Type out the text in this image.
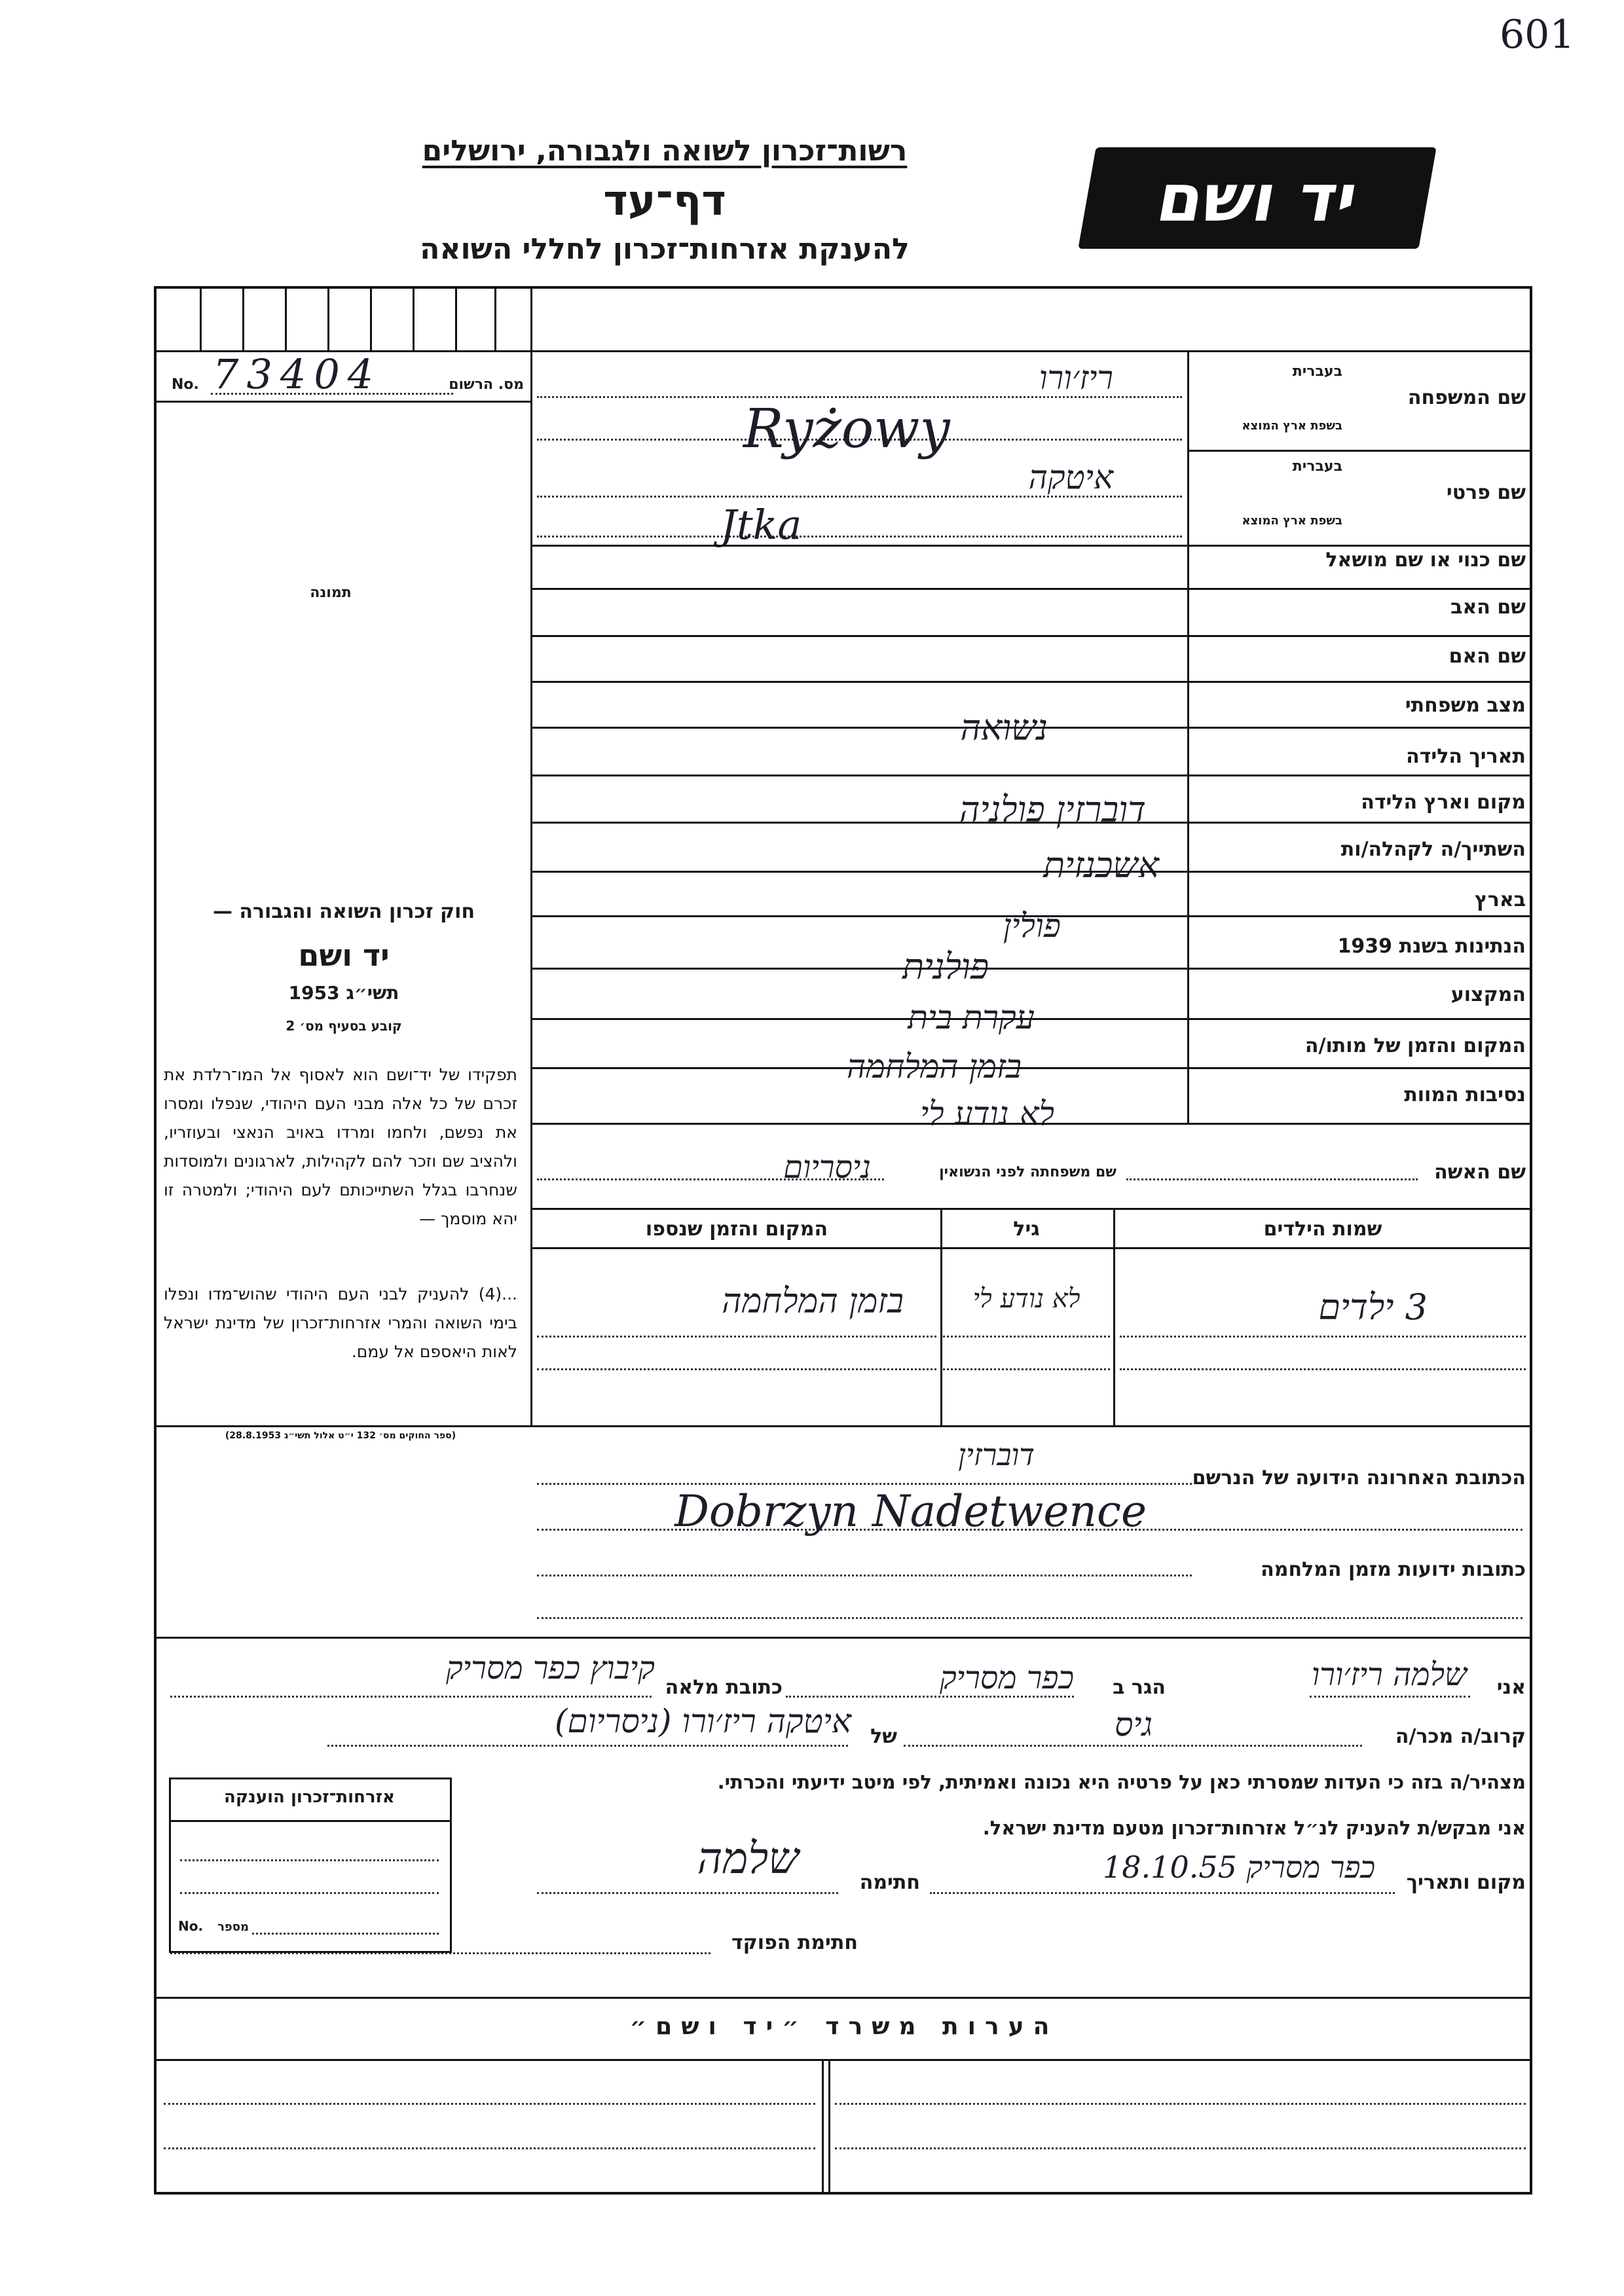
601
רשות־זכרון לשואה ולגבורה, ירושלים
דף־עד
להענקת אזרחות־זכרון לחללי השואה
יד ושם
מס. הרשום
No. 73404
תמונה
שם המשפחה
בעברית
בשפת ארץ המוצא
ריז׳ורו
Ryżowy
שם פרטי
בעברית
בשפת ארץ המוצא
איטקה
Jtka
שם כנוי או שם מושאל
שם האב
שם האם
מצב משפחתי
נשואה
תאריך הלידה
מקום וארץ הלידה
דוברזין פולניה
השתייך/ה לקהלה/ות
אשכנזית
בארץ
פולין
הנתינות בשנת 1939
פולנית
המקצוע
עקרת בית
המקום והזמן של מותו/ה
בזמן המלחמה
נסיבות המוות
לא נודע לי
חוק זכרון השואה והגבורה —
יד ושם
תשי״ג 1953
קובע בסעיף מס׳ 2
תפקידו של יד־ושם הוא לאסוף אל המו־רלדת את זכרם של כל אלה מבני העם היהודי, שנפלו ומסרו את נפשם, ולחמו ומרדו באויב הנאצי ובעוזריו, ולהציב שם וזכר להם לקהילות, לארגונים ולמוסדות שנחרבו בגלל השתייכותם לעם היהודי; ולמטרה זו יהא מוסמך —
...(4) להעניק לבני העם היהודי שהוש־מדו ונפלו בימי השואה והמרי אזרחות־זכרון של מדינת ישראל לאות היאספם אל עמם.
(ספר החוקים מס׳ 132 י״ט אלול תשי״ג 28.8.1953)
שם האשה
שם משפחתה לפני הנשואין
ניסריום
שמות הילדים
גיל
המקום והזמן שנספו
3 ילדים
לא נודע לי
בזמן המלחמה
הכתובת האחרונה הידועה של הנרשם
דוברזין
Dobrzyn Nadetwence
כתובות ידועות מזמן המלחמה
אני
שלמה ריז׳ורו
הגר ב
כפר מסריק
כתובת מלאה
קיבוץ כפר מסריק
קרוב/ה מכר/ה
גיס
של
איטקה ריז׳ורו (ניסריום)
מצהיר/ה בזה כי העדות שמסרתי כאן על פרטיה היא נכונה ואמיתית, לפי מיטב ידיעתי והכרתי.
אני מבקש/ת להעניק לנ״ל אזרחות־זכרון מטעם מדינת ישראל.
מקום ותאריך
כפר מסריק 18.10.55
חתימה
שלמה
חתימת הפוקד
אזרחות־זכרון הוענקה
No.	מספר
הערות משרד ״יד ושם״
